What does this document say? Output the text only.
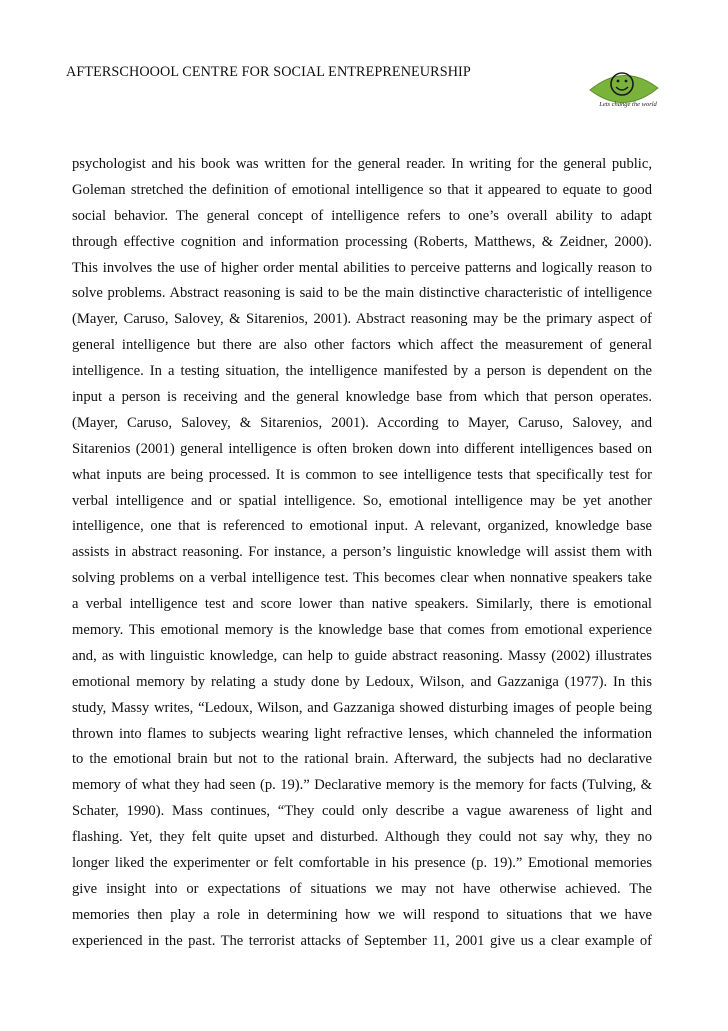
AFTERSCHOOOL CENTRE FOR SOCIAL ENTREPRENEURSHIP
Lets change the world
psychologist and his book was written for the general reader. In writing for the general public,
Goleman stretched the definition of emotional intelligence so that it appeared to equate to good
social behavior. The general concept of intelligence refers to one’s overall ability to adapt
through effective cognition and information processing (Roberts, Matthews, & Zeidner, 2000).
This involves the use of higher order mental abilities to perceive patterns and logically reason to
solve problems. Abstract reasoning is said to be the main distinctive characteristic of intelligence
(Mayer, Caruso, Salovey, & Sitarenios, 2001). Abstract reasoning may be the primary aspect of
general intelligence but there are also other factors which affect the measurement of general
intelligence. In a testing situation, the intelligence manifested by a person is dependent on the
input a person is receiving and the general knowledge base from which that person operates.
(Mayer, Caruso, Salovey, & Sitarenios, 2001). According to Mayer, Caruso, Salovey, and
Sitarenios (2001) general intelligence is often broken down into different intelligences based on
what inputs are being processed. It is common to see intelligence tests that specifically test for
verbal intelligence and or spatial intelligence. So, emotional intelligence may be yet another
intelligence, one that is referenced to emotional input. A relevant, organized, knowledge base
assists in abstract reasoning. For instance, a person’s linguistic knowledge will assist them with
solving problems on a verbal intelligence test. This becomes clear when nonnative speakers take
a verbal intelligence test and score lower than native speakers. Similarly, there is emotional
memory. This emotional memory is the knowledge base that comes from emotional experience
and, as with linguistic knowledge, can help to guide abstract reasoning. Massy (2002) illustrates
emotional memory by relating a study done by Ledoux, Wilson, and Gazzaniga (1977). In this
study, Massy writes, “Ledoux, Wilson, and Gazzaniga showed disturbing images of people being
thrown into flames to subjects wearing light refractive lenses, which channeled the information
to the emotional brain but not to the rational brain. Afterward, the subjects had no declarative
memory of what they had seen (p. 19).” Declarative memory is the memory for facts (Tulving, &
Schater, 1990). Mass continues, “They could only describe a vague awareness of light and
flashing. Yet, they felt quite upset and disturbed. Although they could not say why, they no
longer liked the experimenter or felt comfortable in his presence (p. 19).” Emotional memories
give insight into or expectations of situations we may not have otherwise achieved. The
memories then play a role in determining how we will respond to situations that we have
experienced in the past. The terrorist attacks of September 11, 2001 give us a clear example of
